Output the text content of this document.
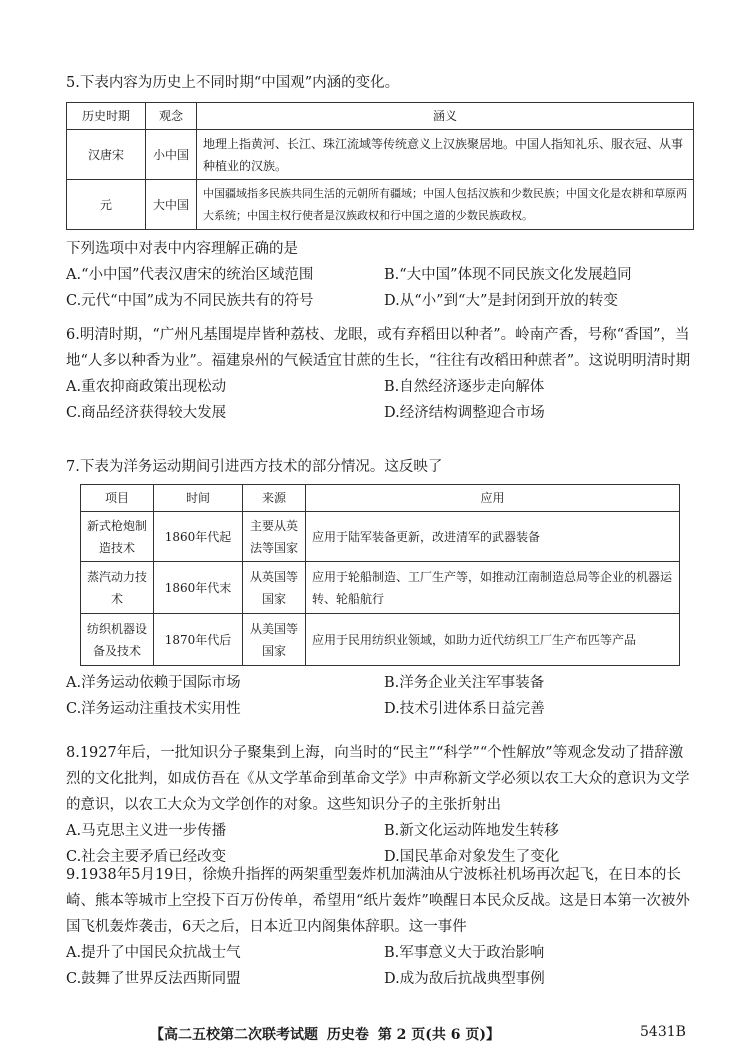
5.下表内容为历史上不同时期“中国观”内涵的变化。

历史时期	观念	涵义
汉唐宋	小中国	地理上指黄河、长江、珠江流域等传统意义上汉族聚居地。中国人指知礼乐、服衣冠、从事种植业的汉族。
元	大中国	中国疆域指多民族共同生活的元朝所有疆域；中国人包括汉族和少数民族；中国文化是农耕和草原两大系统；中国主权行使者是汉族政权和行中国之道的少数民族政权。

下列选项中对表中内容理解正确的是

A.“小中国”代表汉唐宋的统治区域范围	B.“大中国”体现不同民族文化发展趋同
C.元代“中国”成为不同民族共有的符号	D.从“小”到“大”是封闭到开放的转变

6.明清时期，“广州凡基围堤岸皆种荔枝、龙眼，或有弃稻田以种者”。岭南产香，号称“香国”，当地“人多以种香为业”。福建泉州的气候适宜甘蔗的生长，“往往有改稻田种蔗者”。这说明明清时期

A.重农抑商政策出现松动	B.自然经济逐步走向解体
C.商品经济获得较大发展	D.经济结构调整迎合市场

7.下表为洋务运动期间引进西方技术的部分情况。这反映了

项目	时间	来源	应用
新式枪炮制造技术	1860年代起	主要从英法等国家	应用于陆军装备更新，改进清军的武器装备
蒸汽动力技术	1860年代末	从英国等国家	应用于轮船制造、工厂生产等，如推动江南制造总局等企业的机器运转、轮船航行
纺织机器设备及技术	1870年代后	从美国等国家	应用于民用纺织业领域，如助力近代纺织工厂生产布匹等产品
A.洋务运动依赖于国际市场	B.洋务企业关注军事装备
C.洋务运动注重技术实用性	D.技术引进体系日益完善

8.1927年后，一批知识分子聚集到上海，向当时的“民主”“科学”“个性解放”等观念发动了措辞激烈的文化批判，如成仿吾在《从文学革命到革命文学》中声称新文学必须以农工大众的意识为文学的意识，以农工大众为文学创作的对象。这些知识分子的主张折射出

A.马克思主义进一步传播	B.新文化运动阵地发生转移
C.社会主要矛盾已经改变	D.国民革命对象发生了变化

9.1938年5月19日，徐焕升指挥的两架重型轰炸机加满油从宁波栎社机场再次起飞，在日本的长崎、熊本等城市上空投下百万份传单，希望用“纸片轰炸”唤醒日本民众反战。这是日本第一次被外国飞机轰炸袭击，6天之后，日本近卫内阁集体辞职。这一事件

A.提升了中国民众抗战士气	B.军事意义大于政治影响
C.鼓舞了世界反法西斯同盟	D.成为敌后抗战典型事例
【高二五校第二次联考试题 历史卷 第 2 页(共 6 页)】	5431B
